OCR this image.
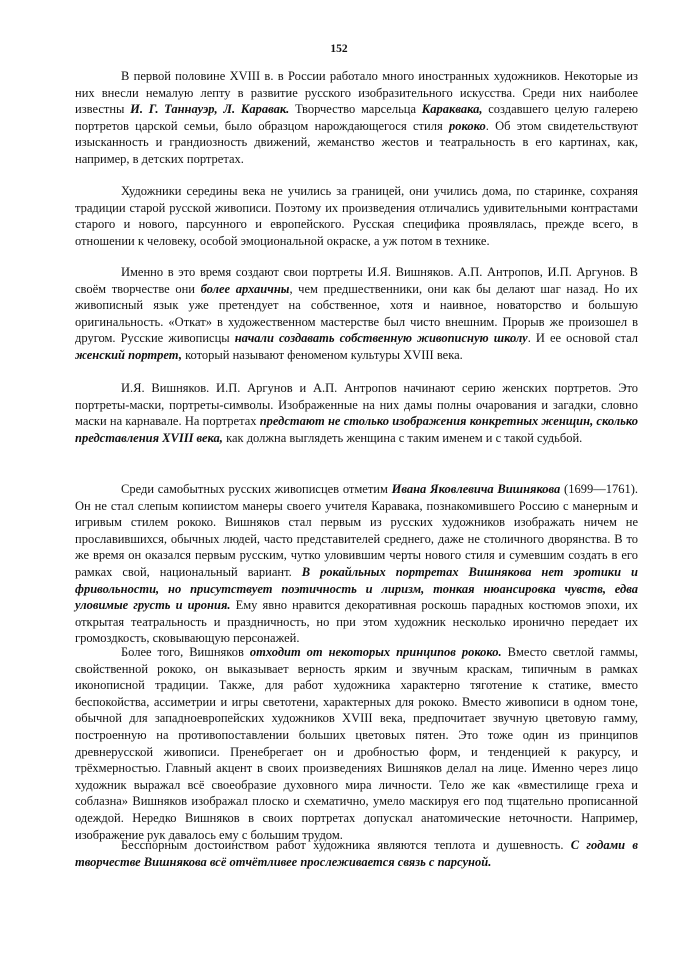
152

В первой половине XVIII в. в России работало много иностранных художников. Некоторые из них внесли немалую лепту в развитие русского изобразительного искусства. Среди них наиболее известны И. Г. Таннауэр, Л. Каравак. Творчество марсельца Караквака, создавшего целую галерею портретов царской семьи, было образцом нарождающегося стиля рококо. Об этом свидетельствуют изысканность и грандиозность движений, жеманство жестов и театральность в его картинах, как, например, в детских портретах.

Художники середины века не учились за границей, они учились дома, по старинке, сохраняя традиции старой русской живописи. Поэтому их произведения отличались удивительными контрастами старого и нового, парсунного и европейского. Русская специфика проявлялась, прежде всего, в отношении к человеку, особой эмоциональной окраске, а уж потом в технике.

Именно в это время создают свои портреты И.Я. Вишняков. А.П. Антропов, И.П. Аргунов. В своём творчестве они более архаичны, чем предшественники, они как бы делают шаг назад. Но их живописный язык уже претендует на собственное, хотя и наивное, новаторство и большую оригинальность. «Откат» в художественном мастерстве был чисто внешним. Прорыв же произошел в другом. Русские живописцы начали создавать собственную живописную школу. И ее основой стал женский портрет, который называют феноменом культуры XVIII века.

И.Я. Вишняков. И.П. Аргунов и А.П. Антропов начинают серию женских портретов. Это портреты-маски, портреты-символы. Изображенные на них дамы полны очарования и загадки, словно маски на карнавале. На портретах предстают не столько изображения конкретных женщин, сколько представления XVIII века, как должна выглядеть женщина с таким именем и с такой судьбой.

Среди самобытных русских живописцев отметим Ивана Яковлевича Вишнякова (1699—1761). Он не стал слепым копиистом манеры своего учителя Каравака, познакомившего Россию с манерным и игривым стилем рококо. Вишняков стал первым из русских художников изображать ничем не прославившихся, обычных людей, часто представителей среднего, даже не столичного дворянства. В то же время он оказался первым русским, чутко уловившим черты нового стиля и сумевшим создать в его рамках свой, национальный вариант. В рокайльных портретах Вишнякова нет эротики и фривольности, но присутствует поэтичность и лиризм, тонкая нюансировка чувств, едва уловимые грусть и ирония. Ему явно нравится декоративная роскошь парадных костюмов эпохи, их открытая театральность и праздничность, но при этом художник несколько иронично передает их громоздкость, сковывающую персонажей.

Более того, Вишняков отходит от некоторых принципов рококо. Вместо светлой гаммы, свойственной рококо, он выказывает верность ярким и звучным краскам, типичным в рамках иконописной традиции. Также, для работ художника характерно тяготение к статике, вместо беспокойства, ассиметрии и игры светотени, характерных для рококо. Вместо живописи в одном тоне, обычной для западноевропейских художников XVIII века, предпочитает звучную цветовую гамму, построенную на противопоставлении больших цветовых пятен. Это тоже один из принципов древнерусской живописи. Пренебрегает он и дробностью форм, и тенденцией к ракурсу, и трёхмерностью. Главный акцент в своих произведениях Вишняков делал на лице. Именно через лицо художник выражал всё своеобразие духовного мира личности. Тело же как «вместилище греха и соблазна» Вишняков изображал плоско и схематично, умело маскируя его под тщательно прописанной одеждой. Нередко Вишняков в своих портретах допускал анатомические неточности. Например, изображение рук давалось ему с большим трудом.

Бесспорным достоинством работ художника являются теплота и душевность. С годами в творчестве Вишнякова всё отчётливее прослеживается связь с парсуной.
